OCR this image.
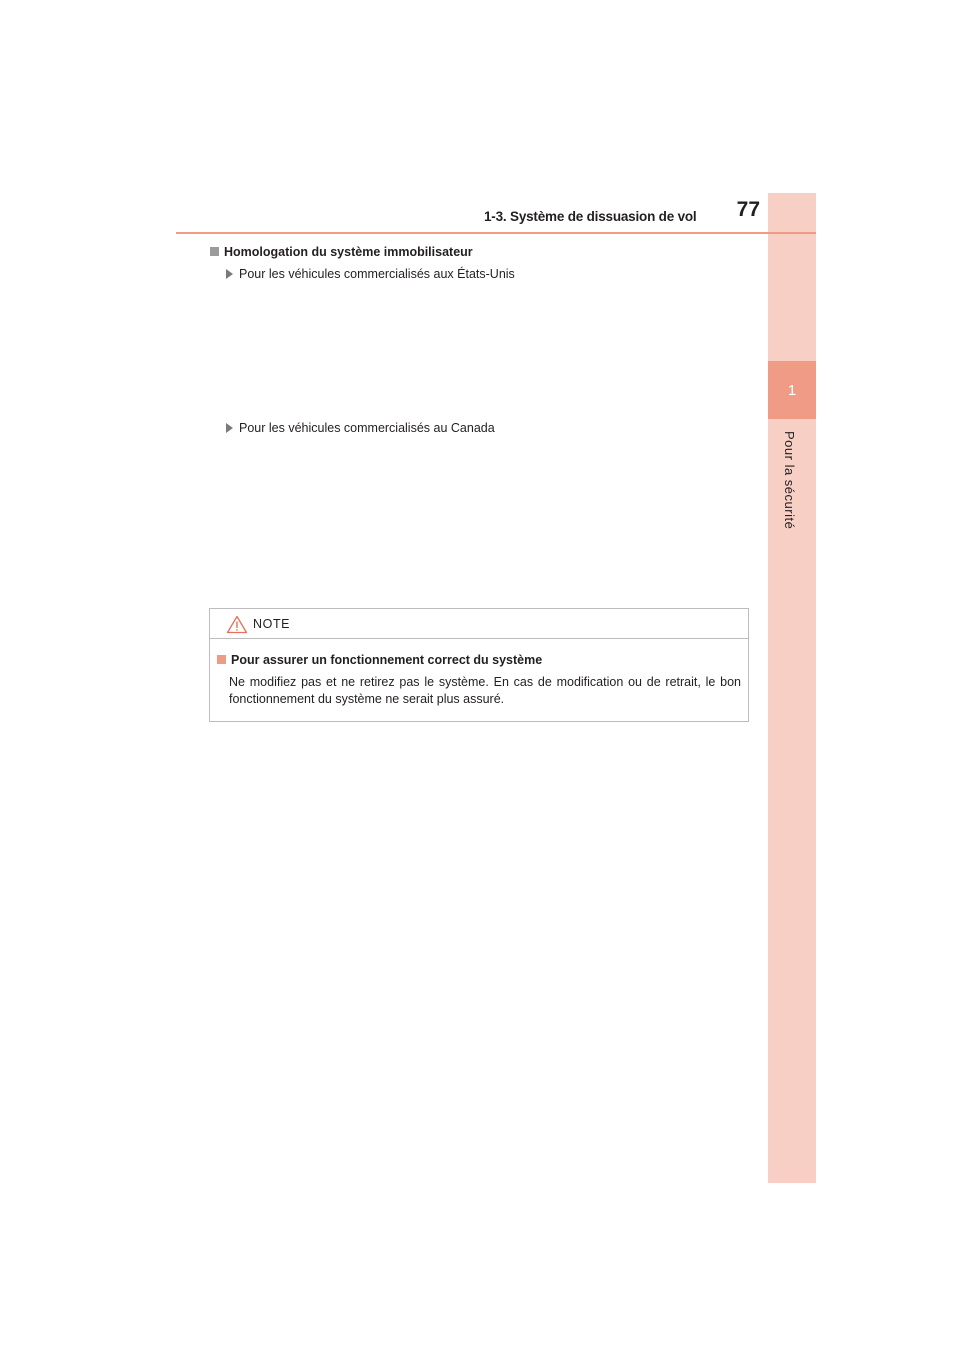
1
Pour la sécurité
1-3. Système de dissuasion de vol	77
Homologation du système immobilisateur
Pour les véhicules commercialisés aux États-Unis
Pour les véhicules commercialisés au Canada
NOTE
Pour assurer un fonctionnement correct du système
Ne modifiez pas et ne retirez pas le système. En cas de modification ou de retrait, le bon fonctionnement du système ne serait plus assuré.
